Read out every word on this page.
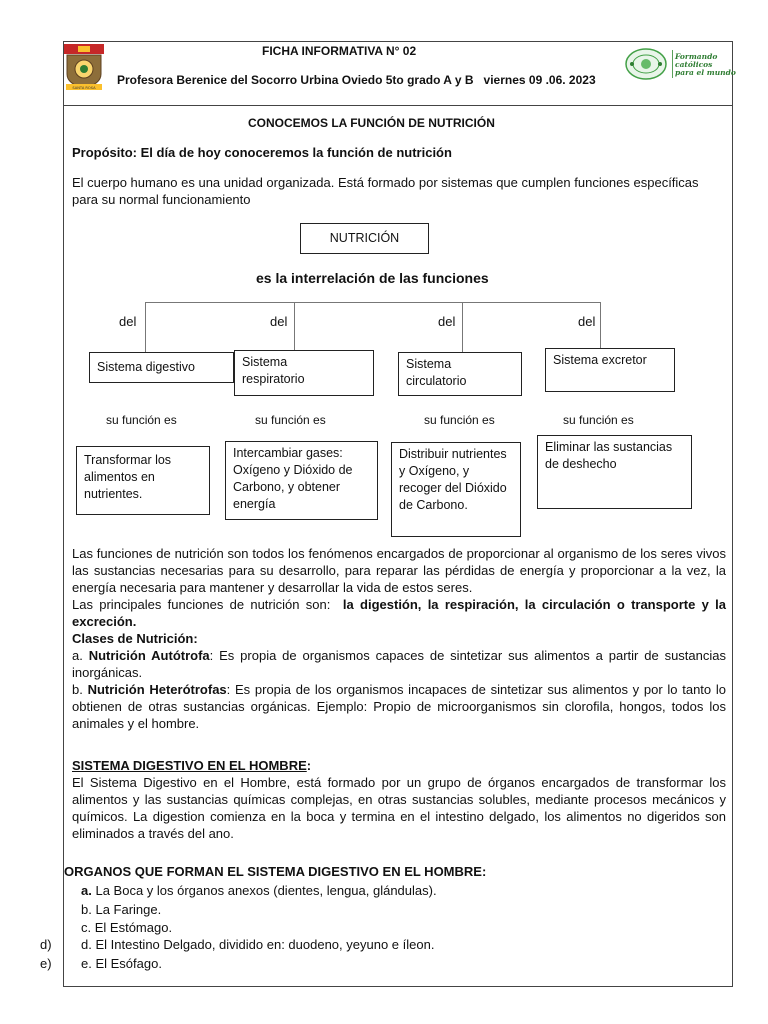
SANTA ROSA
Formando
católicos
para el mundo
FICHA INFORMATIVA N° 02
Profesora Berenice del Socorro Urbina Oviedo 5to grado A y B   viernes 09 .06. 2023
CONOCEMOS LA FUNCIÓN DE NUTRICIÓN
Propósito: El día de hoy conoceremos la función de nutrición
El cuerpo humano es una unidad organizada. Está formado por sistemas que cumplen funciones específicas para su normal funcionamiento
NUTRICIÓN
es la interrelación de las funciones
del	del	del	del
Sistema digestivo	Sistema respiratorio
Sistema circulatorio
Sistema excretor
su función es	su función es	su función es	su función es
Transformar los alimentos en nutrientes.
Intercambiar gases: Oxígeno y Dióxido de Carbono, y obtener energía
Distribuir nutrientes y Oxígeno, y recoger del Dióxido de Carbono.
Eliminar las sustancias de deshecho

Las funciones de nutrición son todos los fenómenos encargados de proporcionar al organismo de los seres vivos las sustancias necesarias para su desarrollo, para reparar las pérdidas de energía y proporcionar a la vez, la energía necesaria para mantener y desarrollar la vida de estos seres.

Las principales funciones de nutrición son:  la digestión, la respiración, la circulación o transporte y la excreción.

Clases de Nutrición:

a. Nutrición Autótrofa: Es propia de organismos capaces de sintetizar sus alimentos a partir de sustancias inorgánicas.

b. Nutrición Heterótrofas: Es propia de los organismos incapaces de sintetizar sus alimentos y por lo tanto lo obtienen de otras sustancias orgánicas. Ejemplo: Propio de microorganismos sin clorofila, hongos, todos los animales y el hombre.

SISTEMA DIGESTIVO EN EL HOMBRE:

El Sistema Digestivo en el Hombre, está formado por un grupo de órganos encargados de transformar los alimentos y las sustancias químicas complejas, en otras sustancias solubles, mediante procesos mecánicos y químicos. La digestion comienza en la boca y termina en el intestino delgado, los alimentos no digeridos son eliminados a través del ano.

ORGANOS QUE FORMAN EL SISTEMA DIGESTIVO EN EL HOMBRE:
a. La Boca y los órganos anexos (dientes, lengua, glándulas).
b. La Faringe.
c. El Estómago.
d. El Intestino Delgado, dividido en: duodeno, yeyuno e íleon.
e. El Esófago.
d)
e)
